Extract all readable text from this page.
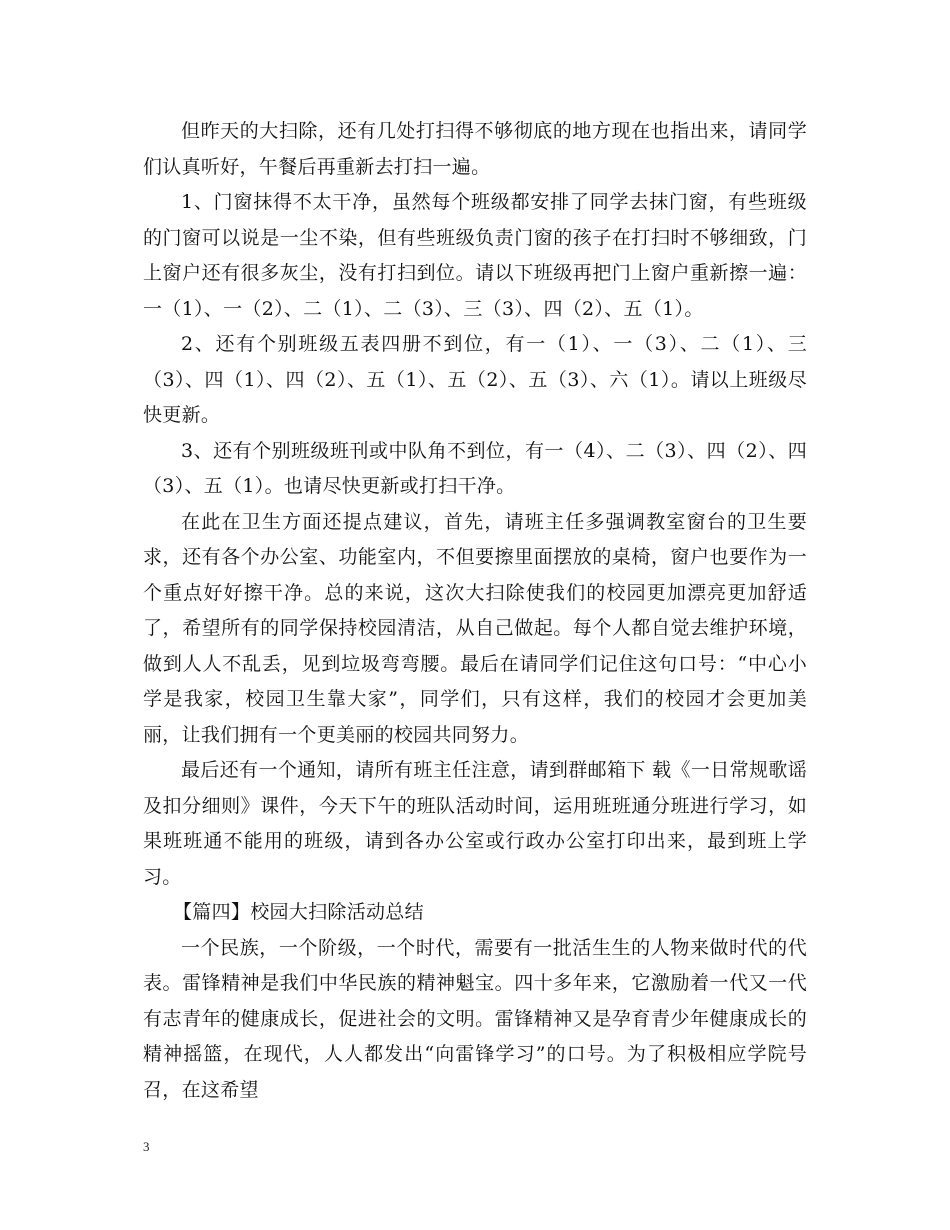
但昨天的大扫除，还有几处打扫得不够彻底的地方现在也指出来，请同学们认真听好，午餐后再重新去打扫一遍。

1、门窗抹得不太干净，虽然每个班级都安排了同学去抹门窗，有些班级的门窗可以说是一尘不染，但有些班级负责门窗的孩子在打扫时不够细致，门上窗户还有很多灰尘，没有打扫到位。请以下班级再把门上窗户重新擦一遍：一（1）、一（2）、二（1）、二（3）、三（3）、四（2）、五（1）。

2、还有个别班级五表四册不到位，有一（1）、一（3）、二（1）、三（3）、四（1）、四（2）、五（1）、五（2）、五（3）、六（1）。请以上班级尽快更新。

3、还有个别班级班刊或中队角不到位，有一（4）、二（3）、四（2）、四（3）、五（1）。也请尽快更新或打扫干净。

在此在卫生方面还提点建议，首先，请班主任多强调教室窗台的卫生要求，还有各个办公室、功能室内，不但要擦里面摆放的桌椅，窗户也要作为一个重点好好擦干净。总的来说，这次大扫除使我们的校园更加漂亮更加舒适了，希望所有的同学保持校园清洁，从自己做起。每个人都自觉去维护环境，做到人人不乱丢，见到垃圾弯弯腰。最后在请同学们记住这句口号：“中心小学是我家，校园卫生靠大家”，同学们，只有这样，我们的校园才会更加美丽，让我们拥有一个更美丽的校园共同努力。

最后还有一个通知，请所有班主任注意，请到群邮箱下 载《一日常规歌谣及扣分细则》课件，今天下午的班队活动时间，运用班班通分班进行学习，如果班班通不能用的班级，请到各办公室或行政办公室打印出来，最到班上学习。

【篇四】校园大扫除活动总结

一个民族，一个阶级，一个时代，需要有一批活生生的人物来做时代的代表。雷锋精神是我们中华民族的精神魁宝。四十多年来，它激励着一代又一代有志青年的健康成长，促进社会的文明。雷锋精神又是孕育青少年健康成长的精神摇篮，在现代，人人都发出“向雷锋学习”的口号。为了积极相应学院号召，在这希望

3
